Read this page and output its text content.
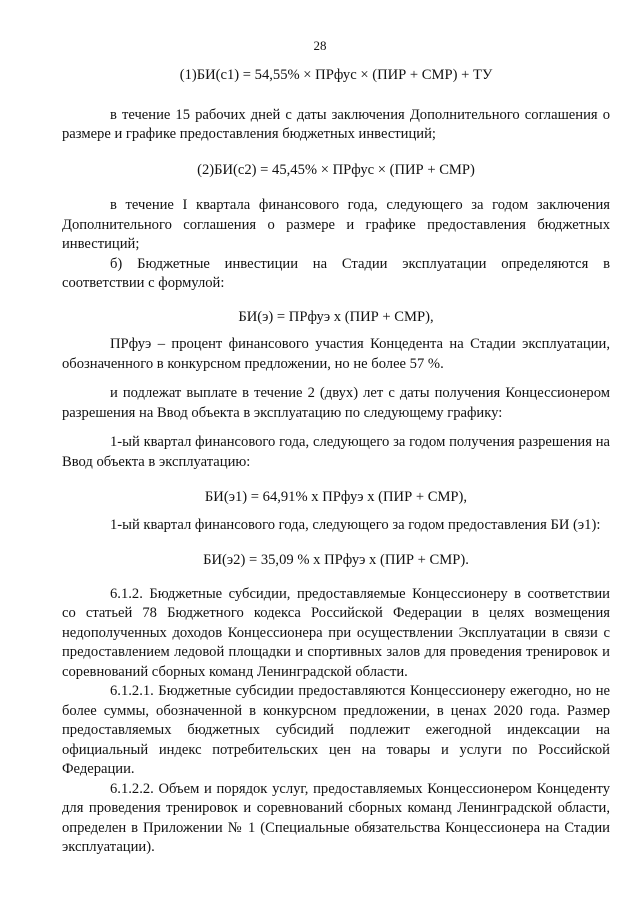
28

(1)БИ(с1) = 54,55% × ПРфус × (ПИР + СМР) + ТУ

в течение 15 рабочих дней с даты заключения Дополнительного соглашения о размере и графике предоставления бюджетных инвестиций;

(2)БИ(с2) = 45,45% × ПРфус × (ПИР + СМР)

в течение I квартала финансового года, следующего за годом заключения Дополнительного соглашения о размере и графике предоставления бюджетных инвестиций;

б) Бюджетные инвестиции на Стадии эксплуатации определяются в соответствии с формулой:

БИ(э) = ПРфуэ х (ПИР + СМР),

ПРфуэ – процент финансового участия Концедента на Стадии эксплуатации, обозначенного в конкурсном предложении, но не более 57 %.

и подлежат выплате в течение 2 (двух) лет с даты получения Концессионером разрешения на Ввод объекта в эксплуатацию по следующему графику:

1-ый квартал финансового года, следующего за годом получения разрешения на Ввод объекта в эксплуатацию:

БИ(э1) = 64,91% х ПРфуэ х (ПИР + СМР),

1-ый квартал финансового года, следующего за годом предоставления БИ (э1):

БИ(э2) = 35,09 % х ПРфуэ х (ПИР + СМР).

6.1.2. Бюджетные субсидии, предоставляемые Концессионеру в соответствии со статьей 78 Бюджетного кодекса Российской Федерации в целях возмещения недополученных доходов Концессионера при осуществлении Эксплуатации в связи с предоставлением ледовой площадки и спортивных залов для проведения тренировок и соревнований сборных команд Ленинградской области.

6.1.2.1. Бюджетные субсидии предоставляются Концессионеру ежегодно, но не более суммы, обозначенной в конкурсном предложении, в ценах 2020 года. Размер предоставляемых бюджетных субсидий подлежит ежегодной индексации на официальный индекс потребительских цен на товары и услуги по Российской Федерации.

6.1.2.2. Объем и порядок услуг, предоставляемых Концессионером Концеденту для проведения тренировок и соревнований сборных команд Ленинградской области, определен в Приложении № 1 (Специальные обязательства Концессионера на Стадии эксплуатации).
